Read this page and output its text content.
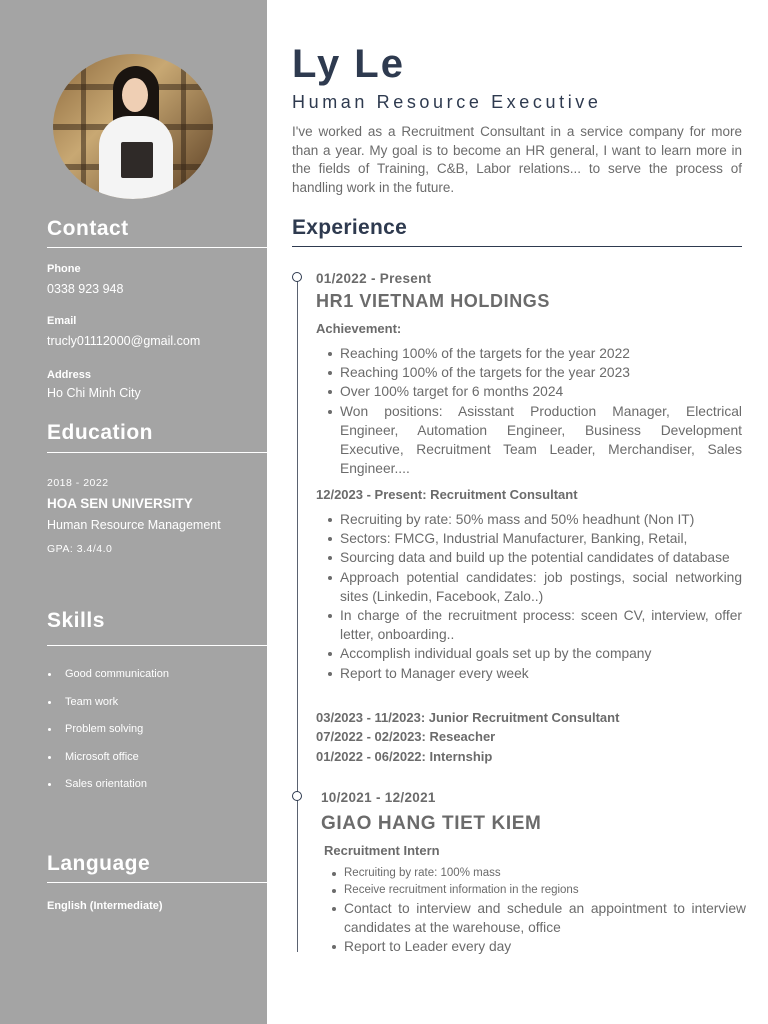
Contact
Phone
0338 923 948
Email
trucly01112000@gmail.com
Address
Ho Chi Minh City
Education
2018 - 2022
HOA SEN UNIVERSITY
Human Resource Management
GPA: 3.4/4.0
Skills
Good communication
Team work
Problem solving
Microsoft office
Sales orientation
Language
English (Intermediate)
Ly Le
Human Resource Executive
I've worked as a Recruitment Consultant in a service company for more than a year. My goal is to become an HR general, I want to learn more in the fields of Training, C&B, Labor relations... to serve the process of handling work in the future.
Experience
01/2022 - Present
HR1 VIETNAM HOLDINGS
Achievement:
Reaching 100% of the targets for the year 2022
Reaching 100% of the targets for the year 2023
Over 100% target for 6 months 2024
Won positions: Asisstant Production Manager, Electrical Engineer, Automation Engineer, Business Development Executive, Recruitment Team Leader, Merchandiser, Sales Engineer....
12/2023 - Present: Recruitment Consultant
Recruiting by rate: 50% mass and 50% headhunt (Non IT)
Sectors: FMCG, Industrial Manufacturer, Banking, Retail,
Sourcing data and build up the potential candidates of database
Approach potential candidates: job postings, social networking sites (Linkedin, Facebook, Zalo..)
In charge of the recruitment process: sceen CV, interview, offer letter, onboarding..
Accomplish individual goals set up by the company
Report to Manager every week
03/2023 - 11/2023: Junior Recruitment Consultant
07/2022 - 02/2023: Reseacher
01/2022 - 06/2022: Internship
10/2021 - 12/2021
GIAO HANG TIET KIEM
Recruitment Intern
Recruiting by rate: 100% mass
Receive recruitment information in the regions
Contact to interview and schedule an appointment to interview candidates at the warehouse, office
Report to Leader every day
